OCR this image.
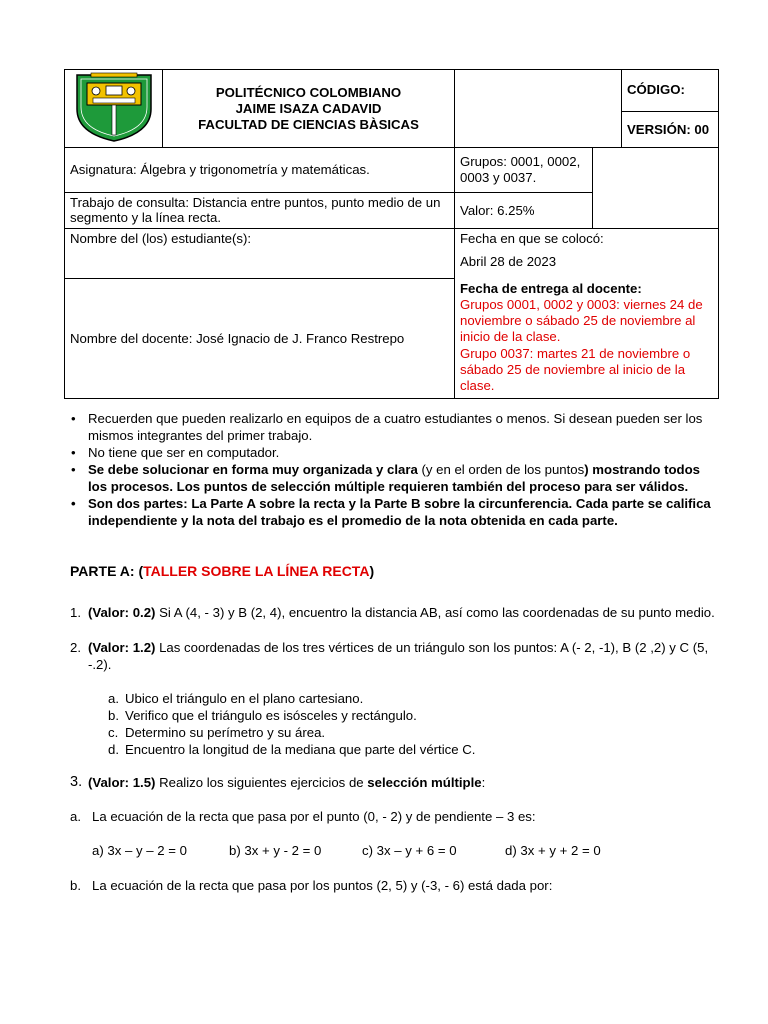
POLITÉCNICO COLOMBIANO
JAIME ISAZA CADAVID
FACULTAD DE CIENCIAS BÀSICAS			CÓDIGO:
				VERSIÓN: 00
Asignatura: Álgebra y trigonometría y matemáticas.		Grupos: 0001, 0002, 0003 y 0037.		
Trabajo de consulta: Distancia entre puntos, punto medio de un segmento y la línea recta.		Valor: 6.25%		
Nombre del (los) estudiante(s):		Fecha en que se colocó:
Abril 28 de 2023		

Nombre del docente: José Ignacio de J. Franco Restrepo		Fecha de entrega al docente:
Grupos 0001, 0002 y 0003: viernes 24 de noviembre o sábado 25 de noviembre al inicio de la clase.
Grupo 0037: martes 21 de noviembre o sábado 25 de noviembre al inicio de la clase.		
• Recuerden que pueden realizarlo en equipos de a cuatro estudiantes o menos. Si desean pueden ser los mismos integrantes del primer trabajo.
• No tiene que ser en computador.
• Se debe solucionar en forma muy organizada y clara (y en el orden de los puntos) mostrando todos los procesos. Los puntos de selección múltiple requieren también del proceso para ser válidos.
• Son dos partes: La Parte A sobre la recta y la Parte B sobre la circunferencia. Cada parte se califica independiente y la nota del trabajo es el promedio de la nota obtenida en cada parte.
PARTE A: (TALLER SOBRE LA LÍNEA RECTA)
1. (Valor: 0.2) Si A (4, - 3) y B (2, 4), encuentro la distancia AB, así como las coordenadas de su punto medio.
2. (Valor: 1.2) Las coordenadas de los tres vértices de un triángulo son los puntos: A (- 2, -1), B (2 ,2) y C (5, -.2).
a. Ubico el triángulo en el plano cartesiano.
b. Verifico que el triángulo es isósceles y rectángulo.
c. Determino su perímetro y su área.
d. Encuentro la longitud de la mediana que parte del vértice C.
3. (Valor: 1.5) Realizo los siguientes ejercicios de selección múltiple:
a. La ecuación de la recta que pasa por el punto (0, - 2) y de pendiente – 3 es:
a) 3x – y – 2 = 0	b) 3x + y - 2 = 0	c) 3x – y + 6 = 0	d) 3x + y + 2 = 0
b. La ecuación de la recta que pasa por los puntos (2, 5) y (-3, - 6) está dada por:
